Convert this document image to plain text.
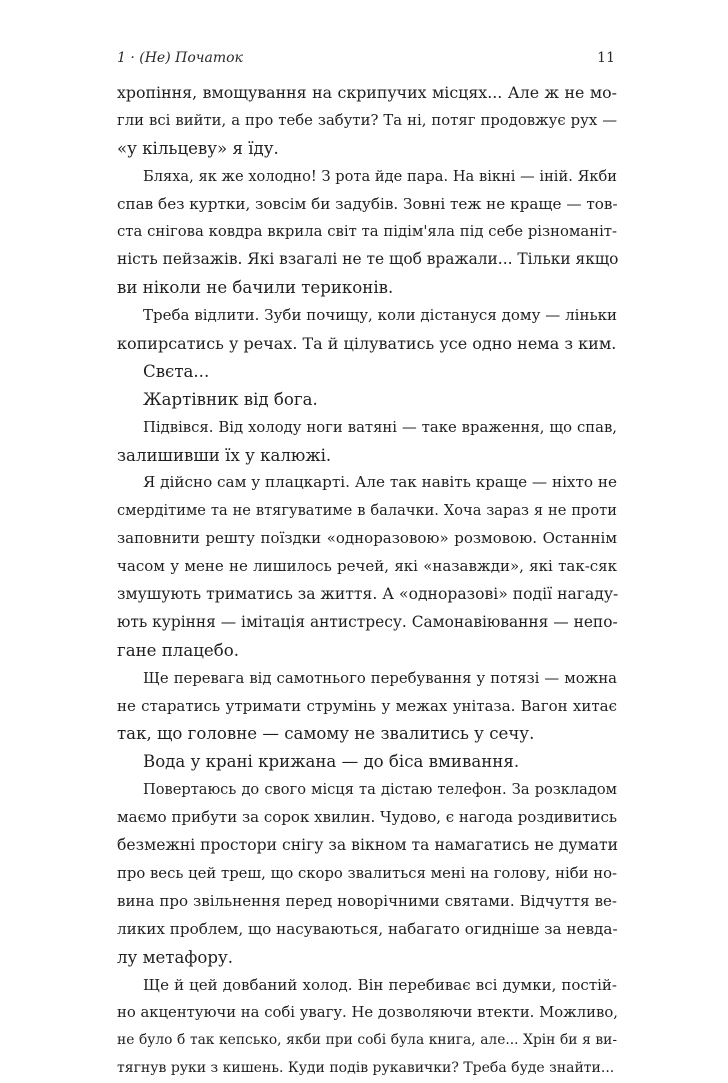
1 · (Не) Початок	11
хропіння, вмощування на скрипучих місцях... Але ж не мо-
гли всі вийти, а про тебе забути? Та ні, потяг продовжує рух —
«у кільцеву» я їду.
Бляха, як же холодно! З рота йде пара. На вікні — іній. Якби
спав без куртки, зовсім би задубів. Зовні теж не краще — тов-
ста снігова ковдра вкрила світ та підім'яла під себе різноманіт-
ність пейзажів. Які взагалі не те щоб вражали... Тільки якщо
ви ніколи не бачили териконів.
Треба відлити. Зуби почищу, коли дістануся дому — ліньки
копирсатись у речах. Та й цілуватись усе одно нема з ким.
Свєта...
Жартівник від бога.
Підвівся. Від холоду ноги ватяні — таке враження, що спав,
залишивши їх у калюжі.
Я дійсно сам у плацкарті. Але так навіть краще — ніхто не
смердітиме та не втягуватиме в балачки. Хоча зараз я не проти
заповнити решту поїздки «одноразовою» розмовою. Останнім
часом у мене не лишилось речей, які «назавжди», які так-сяк
змушують триматись за життя. А «одноразові» події нагаду-
ють куріння — імітація антистресу. Самонавіювання — непо-
гане плацебо.
Ще перевага від самотнього перебування у потязі — можна
не старатись утримати струмінь у межах унітаза. Вагон хитає
так, що головне — самому не звалитись у сечу.
Вода у крані крижана — до біса вмивання.
Повертаюсь до свого місця та дістаю телефон. За розкладом
маємо прибути за сорок хвилин. Чудово, є нагода роздивитись
безмежні простори снігу за вікном та намагатись не думати
про весь цей треш, що скоро звалиться мені на голову, ніби но-
вина про звільнення перед новорічними святами. Відчуття ве-
ликих проблем, що насуваються, набагато огидніше за невда-
лу метафору.
Ще й цей довбаний холод. Він перебиває всі думки, постій-
но акцентуючи на собі увагу. Не дозволяючи втекти. Можливо,
не було б так кепсько, якби при собі була книга, але... Хрін би я ви-
тягнув руки з кишень. Куди подів рукавички? Треба буде знайти...
